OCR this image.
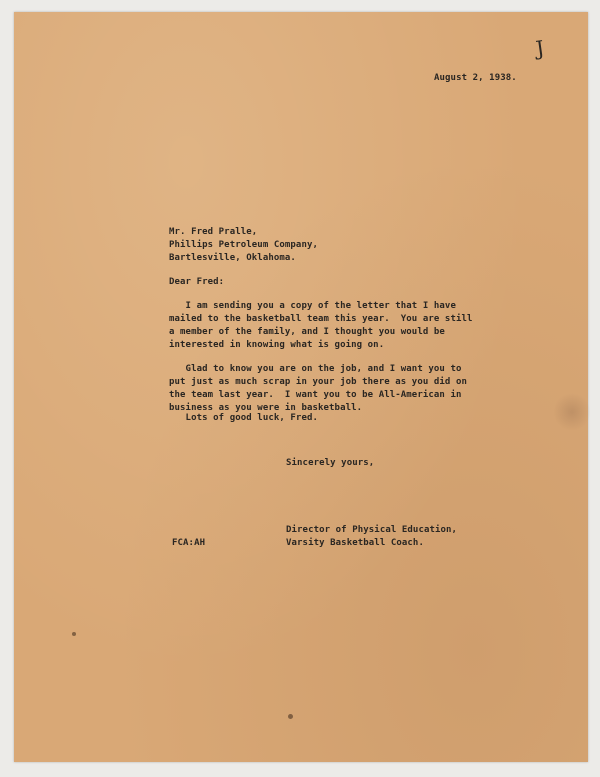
J
August 2, 1938.
Mr. Fred Pralle,
Phillips Petroleum Company,
Bartlesville, Oklahoma.
Dear Fred:
I am sending you a copy of the letter that I have
mailed to the basketball team this year.  You are still
a member of the family, and I thought you would be
interested in knowing what is going on.
Glad to know you are on the job, and I want you to
put just as much scrap in your job there as you did on
the team last year.  I want you to be All-American in
business as you were in basketball.
Lots of good luck, Fred.
Sincerely yours,
Director of Physical Education,
Varsity Basketball Coach.
FCA:AH
